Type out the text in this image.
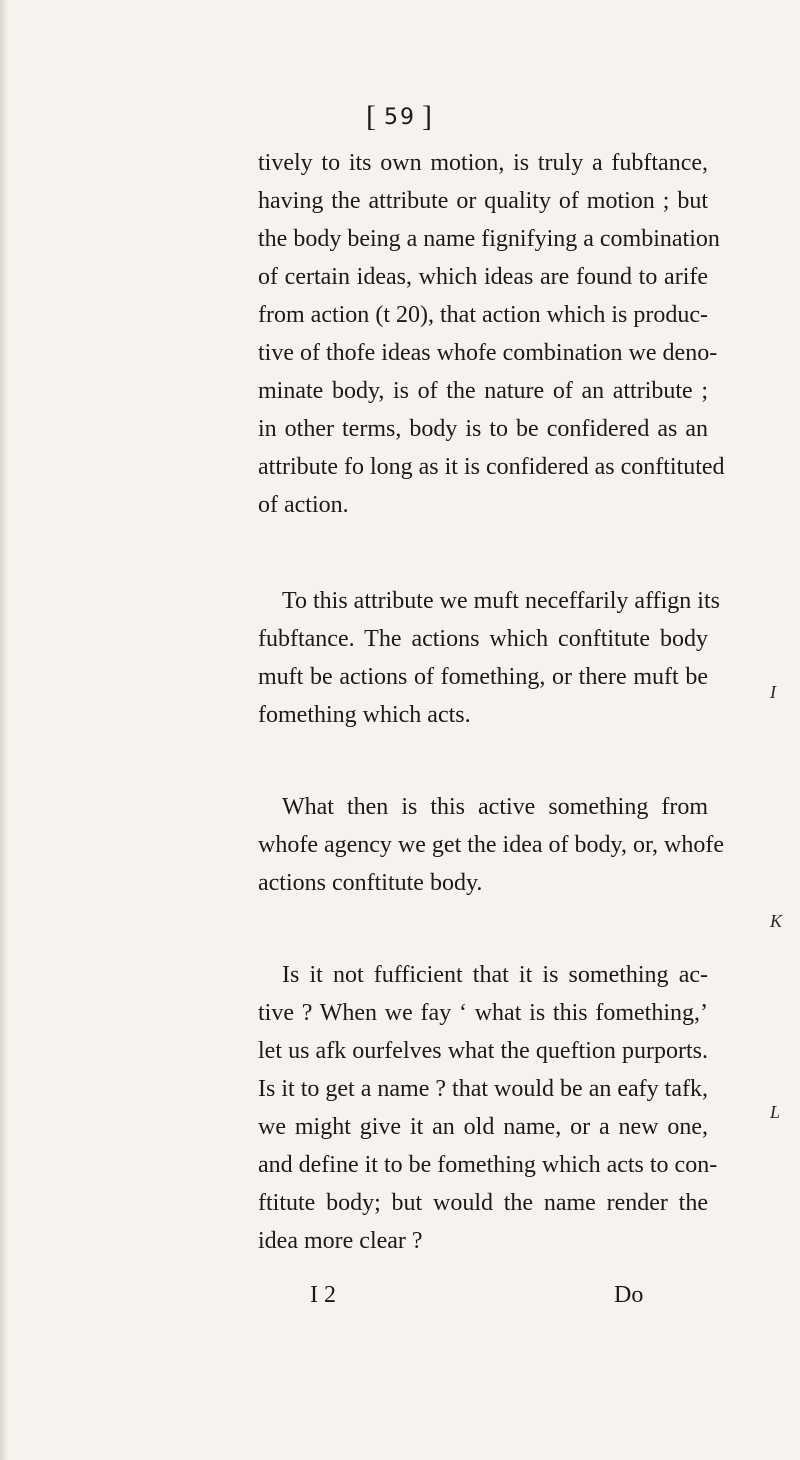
[ 59 ]

tively to its own motion, is truly a fubftance,

having the attribute or quality of motion ; but

the body being a name fignifying a combination

of certain ideas, which ideas are found to arife

from action (t 20), that action which is produc-

tive of thofe ideas whofe combination we deno-

minate body, is of the nature of an attribute ;

in other terms, body is to be confidered as an

attribute fo long as it is confidered as conftituted

of action.

To this attribute we muft neceffarily affign its

fubftance. The actions which conftitute body

muft be actions of fomething, or there muft be

fomething which acts.

What then is this active something from

whofe agency we get the idea of body, or, whofe

actions conftitute body.

Is it not fufficient that it is something ac-

tive ? When we fay ‘ what is this fomething,’

let us afk ourfelves what the queftion purports.

Is it to get a name ? that would be an eafy tafk,

we might give it an old name, or a new one,

and define it to be fomething which acts to con-

ftitute body; but would the name render the

idea more clear ?

I
K
L
I 2	Do
